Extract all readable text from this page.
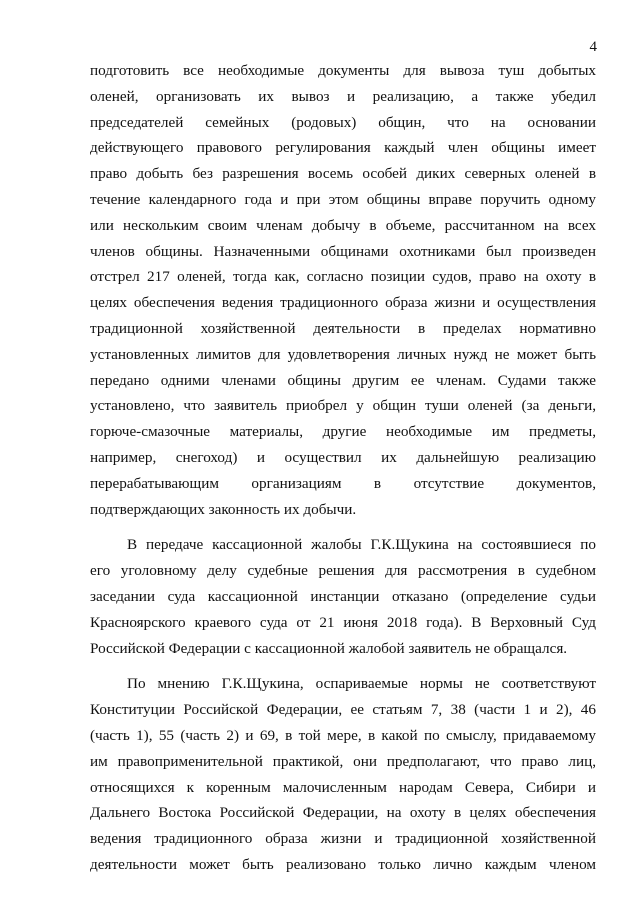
4
подготовить все необходимые документы для вывоза туш добытых
оленей, организовать их вывоз и реализацию, а также убедил
председателей семейных (родовых) общин, что на основании
действующего правового регулирования каждый член общины имеет
право добыть без разрешения восемь особей диких северных оленей в
течение календарного года и при этом общины вправе поручить одному
или нескольким своим членам добычу в объеме, рассчитанном на всех
членов общины. Назначенными общинами охотниками был произведен
отстрел 217 оленей, тогда как, согласно позиции судов, право на охоту в
целях обеспечения ведения традиционного образа жизни и осуществления
традиционной хозяйственной деятельности в пределах нормативно
установленных лимитов для удовлетворения личных нужд не может быть
передано одними членами общины другим ее членам. Судами также
установлено, что заявитель приобрел у общин туши оленей (за деньги,
горюче-смазочные материалы, другие необходимые им предметы,
например, снегоход) и осуществил их дальнейшую реализацию
перерабатывающим организациям в отсутствие документов,
подтверждающих законность их добычи.
В передаче кассационной жалобы Г.К.Щукина на состоявшиеся по
его уголовному делу судебные решения для рассмотрения в судебном
заседании суда кассационной инстанции отказано (определение судьи
Красноярского краевого суда от 21 июня 2018 года). В Верховный Суд
Российской Федерации с кассационной жалобой заявитель не обращался.
По мнению Г.К.Щукина, оспариваемые нормы не соответствуют
Конституции Российской Федерации, ее статьям 7, 38 (части 1 и 2), 46
(часть 1), 55 (часть 2) и 69, в той мере, в какой по смыслу, придаваемому
им правоприменительной практикой, они предполагают, что право лиц,
относящихся к коренным малочисленным народам Севера, Сибири и
Дальнего Востока Российской Федерации, на охоту в целях обеспечения
ведения традиционного образа жизни и традиционной хозяйственной
деятельности может быть реализовано только лично каждым членом
